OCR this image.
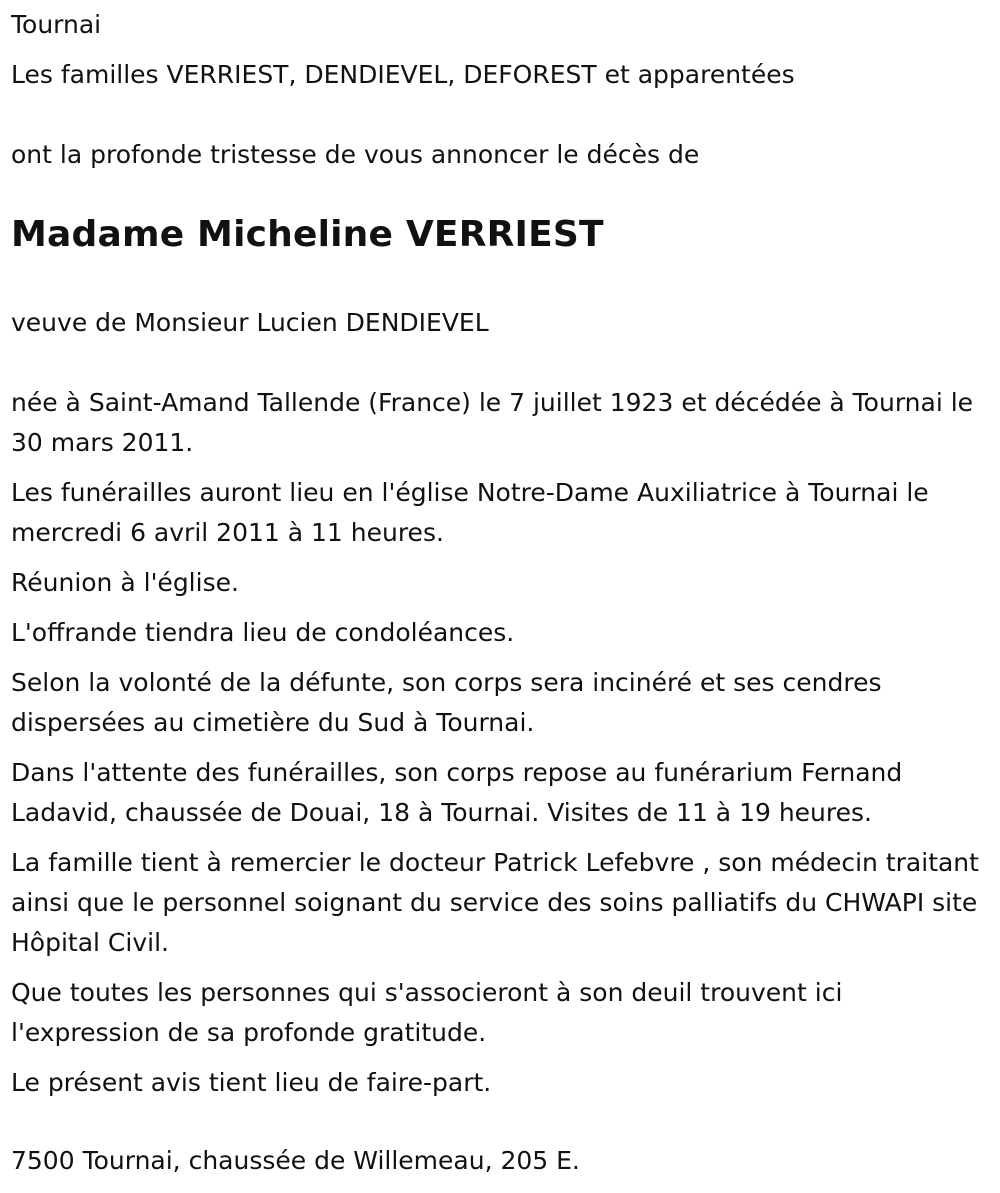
Tournai

Les familles VERRIEST, DENDIEVEL, DEFOREST et apparentées

ont la profonde tristesse de vous annoncer le décès de

Madame Micheline VERRIEST

veuve de Monsieur Lucien DENDIEVEL

née à Saint-Amand Tallende (France) le 7 juillet 1923 et décédée à Tournai le 30 mars 2011.

Les funérailles auront lieu en l'église Notre-Dame Auxiliatrice à Tournai le mercredi 6 avril 2011 à 11 heures.

Réunion à l'église.

L'offrande tiendra lieu de condoléances.

Selon la volonté de la défunte, son corps sera incinéré et ses cendres dispersées au cimetière du Sud à Tournai.

Dans l'attente des funérailles, son corps repose au funérarium Fernand Ladavid, chaussée de Douai, 18 à Tournai. Visites de 11 à 19 heures.

La famille tient à remercier le docteur Patrick Lefebvre , son médecin traitant ainsi que le personnel soignant du service des soins palliatifs du CHWAPI site Hôpital Civil.

Que toutes les personnes qui s'associeront à son deuil trouvent ici l'expression de sa profonde gratitude.

Le présent avis tient lieu de faire-part.

7500 Tournai, chaussée de Willemeau, 205 E.
